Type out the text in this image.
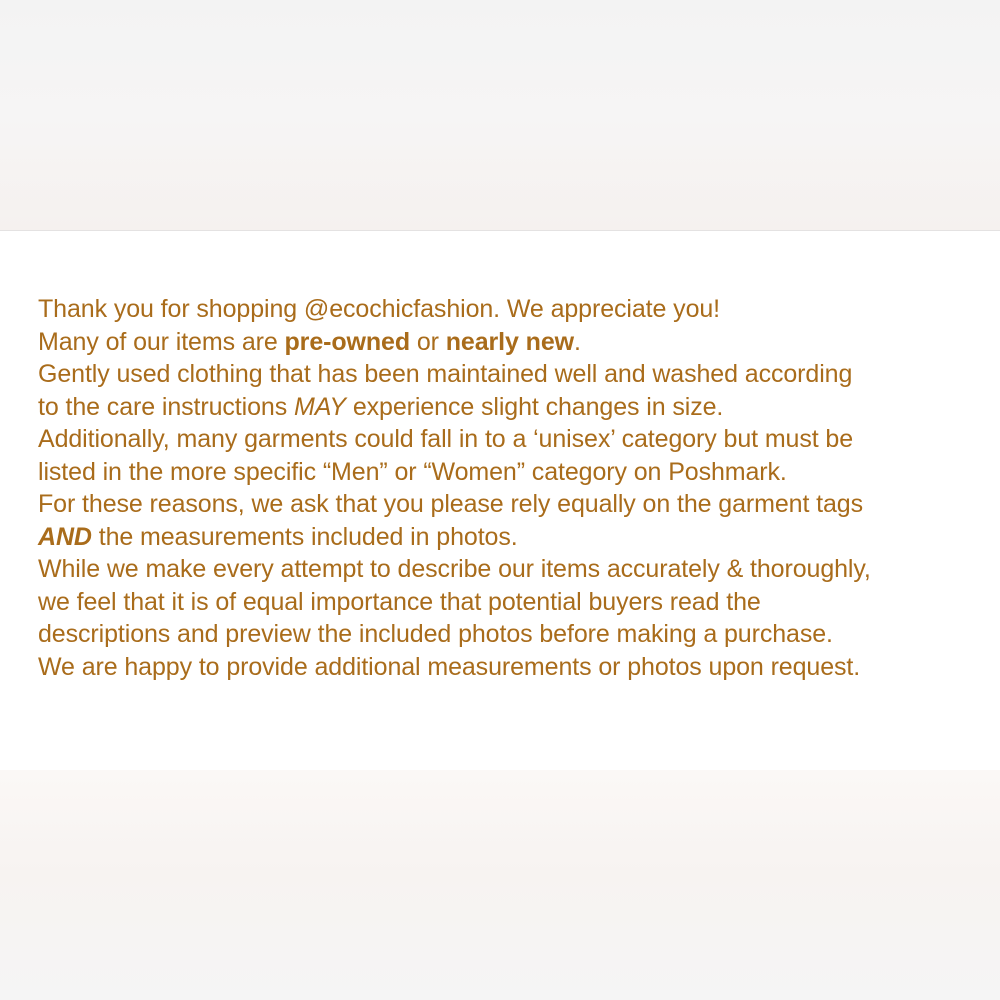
Thank you for shopping @ecochicfashion. We appreciate you!
Many of our items are pre-owned or nearly new.
Gently used clothing that has been maintained well and washed according
to the care instructions MAY experience slight changes in size.
Additionally, many garments could fall in to a ‘unisex’ category but must be
listed in the more specific “Men” or “Women” category on Poshmark.
For these reasons, we ask that you please rely equally on the garment tags
AND the measurements included in photos.
While we make every attempt to describe our items accurately & thoroughly,
we feel that it is of equal importance that potential buyers read the
descriptions and preview the included photos before making a purchase.
We are happy to provide additional measurements or photos upon request.
